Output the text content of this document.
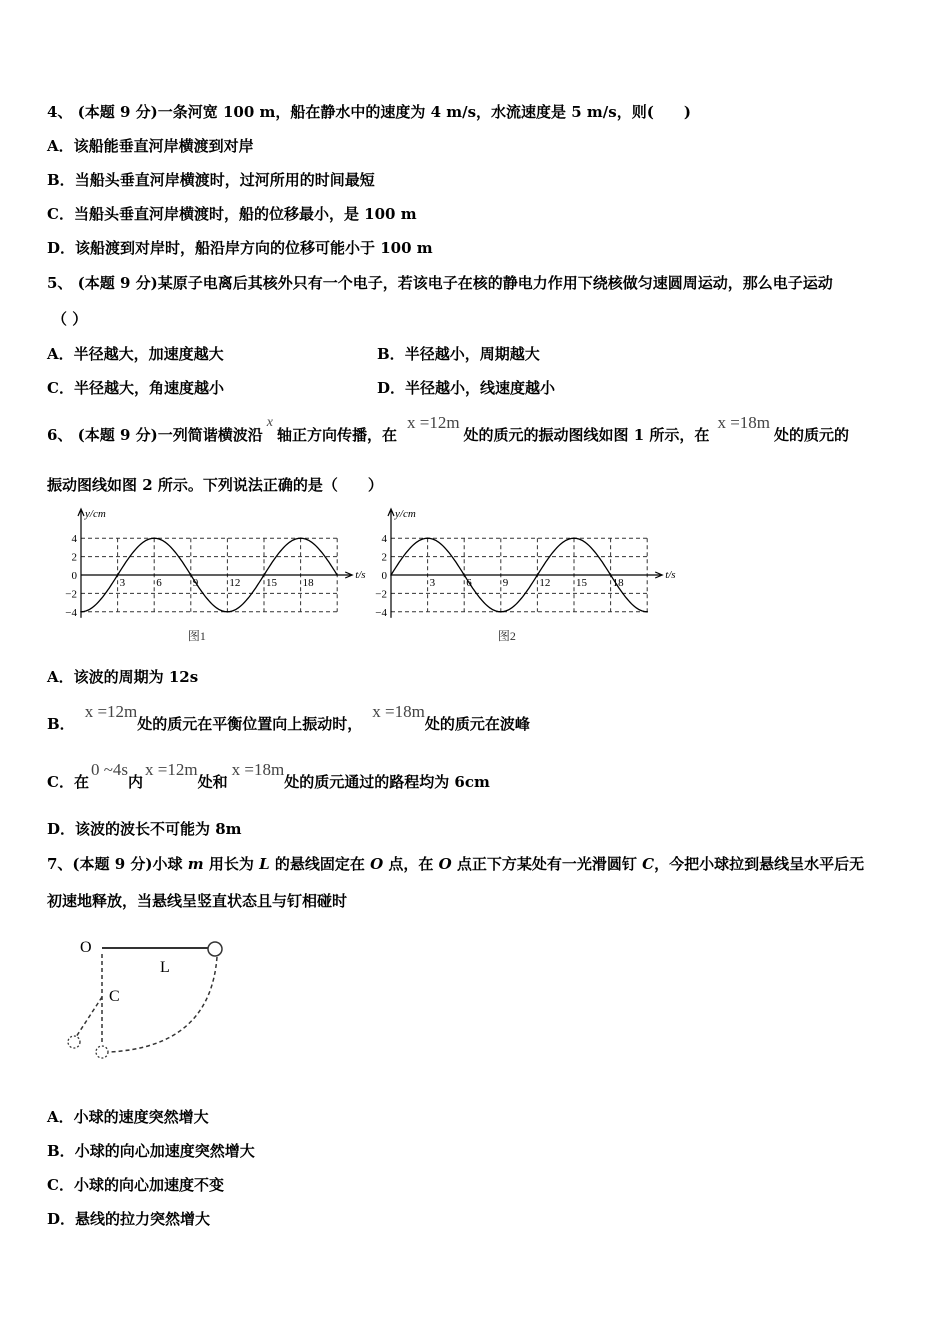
4、 (本题 9 分)一条河宽 100 m，船在静水中的速度为 4 m/s，水流速度是 5 m/s，则(　　)
A．该船能垂直河岸横渡到对岸
B．当船头垂直河岸横渡时，过河所用的时间最短
C．当船头垂直河岸横渡时，船的位移最小，是 100 m
D．该船渡到对岸时，船沿岸方向的位移可能小于 100 m
5、 (本题 9 分)某原子电离后其核外只有一个电子，若该电子在核的静电力作用下绕核做匀速圆周运动，那么电子运动
（ ）
A．半径越大，加速度越大	B．半径越小，周期越大
C．半径越大，角速度越小	D．半径越小，线速度越小
6、 (本题 9 分)一列简谐横波沿x轴正方向传播，在x =12m处的质元的振动图线如图 1 所示，在x =18m处的质元的
振动图线如图 2 所示。下列说法正确的是（　　）
y/cm
t/s
4
2
0
−2
−4
3	6	9	12 15 18
图1
y/cm
t/s
4
2
0
−2
−4
3	6	9	12 15 18
图2
A．该波的周期为 12s
B．x =12m处的质元在平衡位置向上振动时，x =18m处的质元在波峰
C．在0 ~4s内x =12m处和x =18m处的质元通过的路程均为 6cm
D．该波的波长不可能为 8m
7、(本题 9 分)小球 m 用长为 L 的悬线固定在 O 点，在 O 点正下方某处有一光滑圆钉 C，今把小球拉到悬线呈水平后无
初速地释放，当悬线呈竖直状态且与钉相碰时
O
L
C
A．小球的速度突然增大
B．小球的向心加速度突然增大
C．小球的向心加速度不变
D．悬线的拉力突然增大
